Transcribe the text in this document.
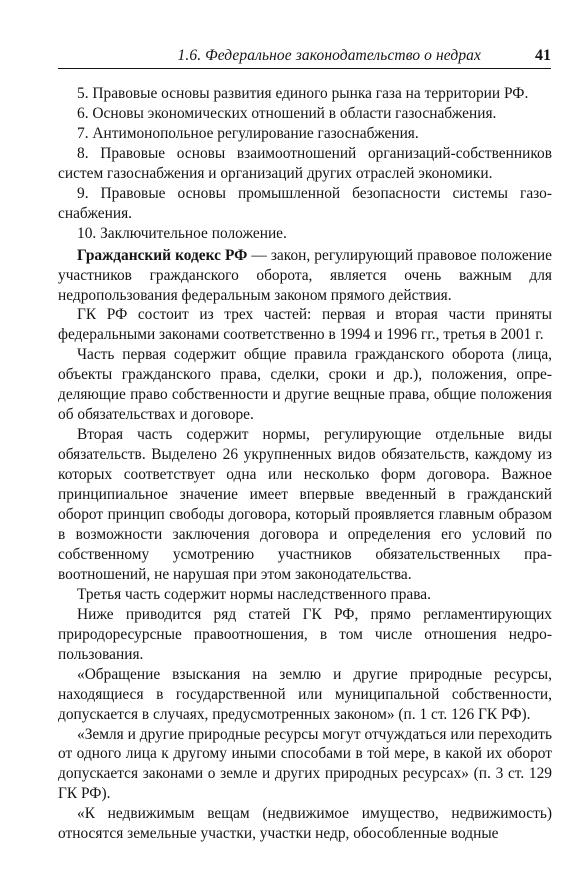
1.6. Федеральное законодательство о недрах	41

5. Правовые основы развития единого рынка газа на территории РФ.

6. Основы экономических отношений в области газоснабжения.

7. Антимонопольное регулирование газоснабжения.

8. Правовые основы взаимоотношений организаций-собственников систем газоснабжения и организаций других отраслей экономики.

9. Правовые основы промышленной безопасности системы газоснабжения.

10. Заключительное положение.

Гражданский кодекс РФ — закон, регулирующий правовое положение участников гражданского оборота, является очень важным для недропользования федеральным законом прямого действия.

ГК РФ состоит из трех частей: первая и вторая части приняты федеральными законами соответственно в 1994 и 1996 гг., третья в 2001 г.

Часть первая содержит общие правила гражданского оборота (лица, объекты гражданского права, сделки, сроки и др.), положения, определяющие право собственности и другие вещные права, общие положения об обязательствах и договоре.

Вторая часть содержит нормы, регулирующие отдельные виды обязательств. Выделено 26 укрупненных видов обязательств, каждому из которых соответствует одна или несколько форм договора. Важное принципиальное значение имеет впервые введенный в гражданский оборот принцип свободы договора, который проявляется главным образом в возможности заключения договора и определения его условий по собственному усмотрению участников обязательственных правоотношений, не нарушая при этом законодательства.

Третья часть содержит нормы наследственного права.

Ниже приводится ряд статей ГК РФ, прямо регламентирующих природоресурсные правоотношения, в том числе отношения недропользования.

«Обращение взыскания на землю и другие природные ресурсы, находящиеся в государственной или муниципальной собственности, допускается в случаях, предусмотренных законом» (п. 1 ст. 126 ГК РФ).

«Земля и другие природные ресурсы могут отчуждаться или переходить от одного лица к другому иными способами в той мере, в какой их оборот допускается законами о земле и других природных ресурсах» (п. 3 ст. 129 ГК РФ).

«К недвижимым вещам (недвижимое имущество, недвижимость) относятся земельные участки, участки недр, обособленные водные
